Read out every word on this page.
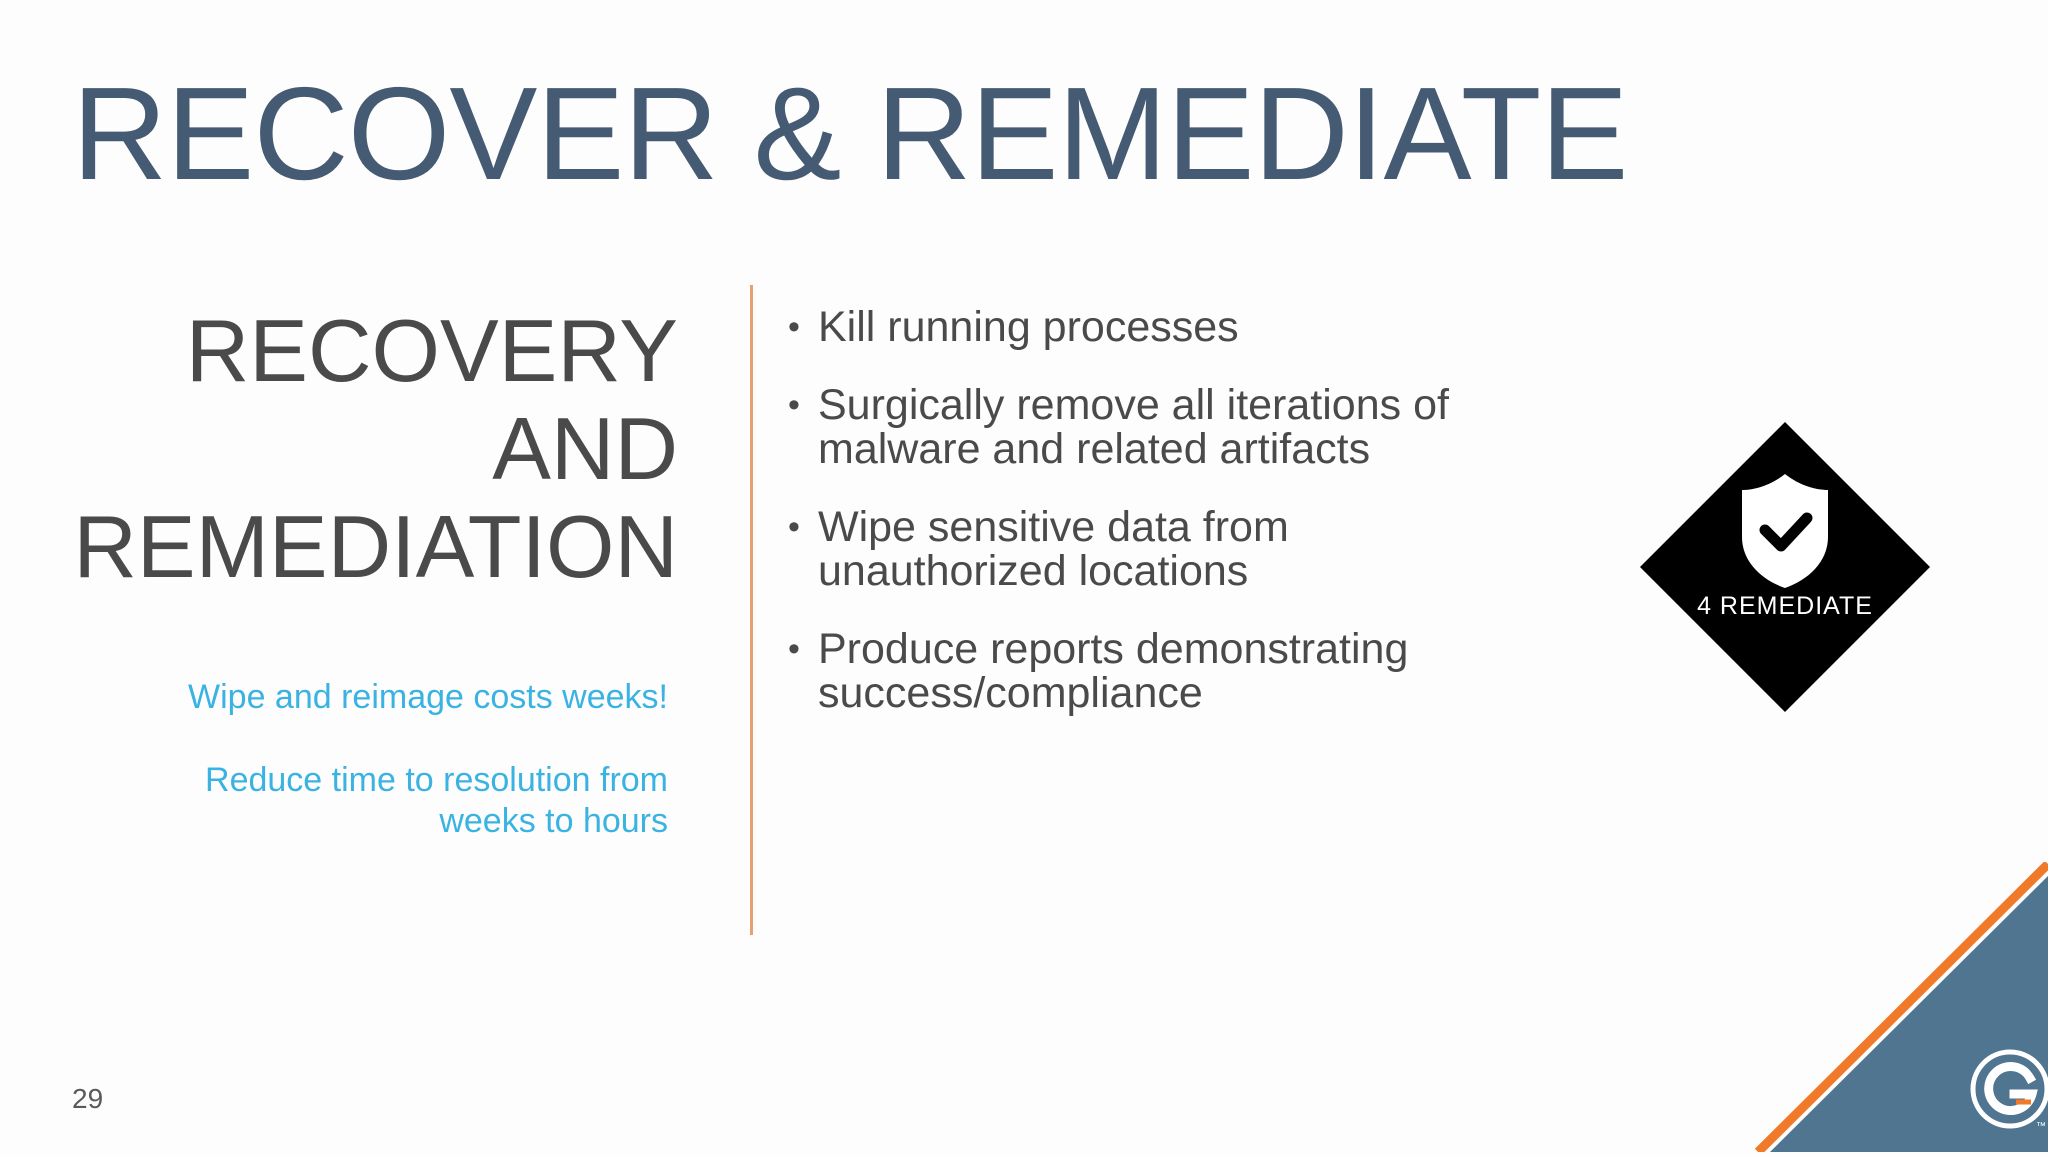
RECOVER & REMEDIATE
RECOVERY
AND
REMEDIATION
Wipe and reimage costs weeks!
Reduce time to resolution from
weeks to hours
• Kill running processes
• Surgically remove all iterations of
malware and related artifacts
• Wipe sensitive data from
unauthorized locations
• Produce reports demonstrating
success/compliance
4 REMEDIATE
™
29
